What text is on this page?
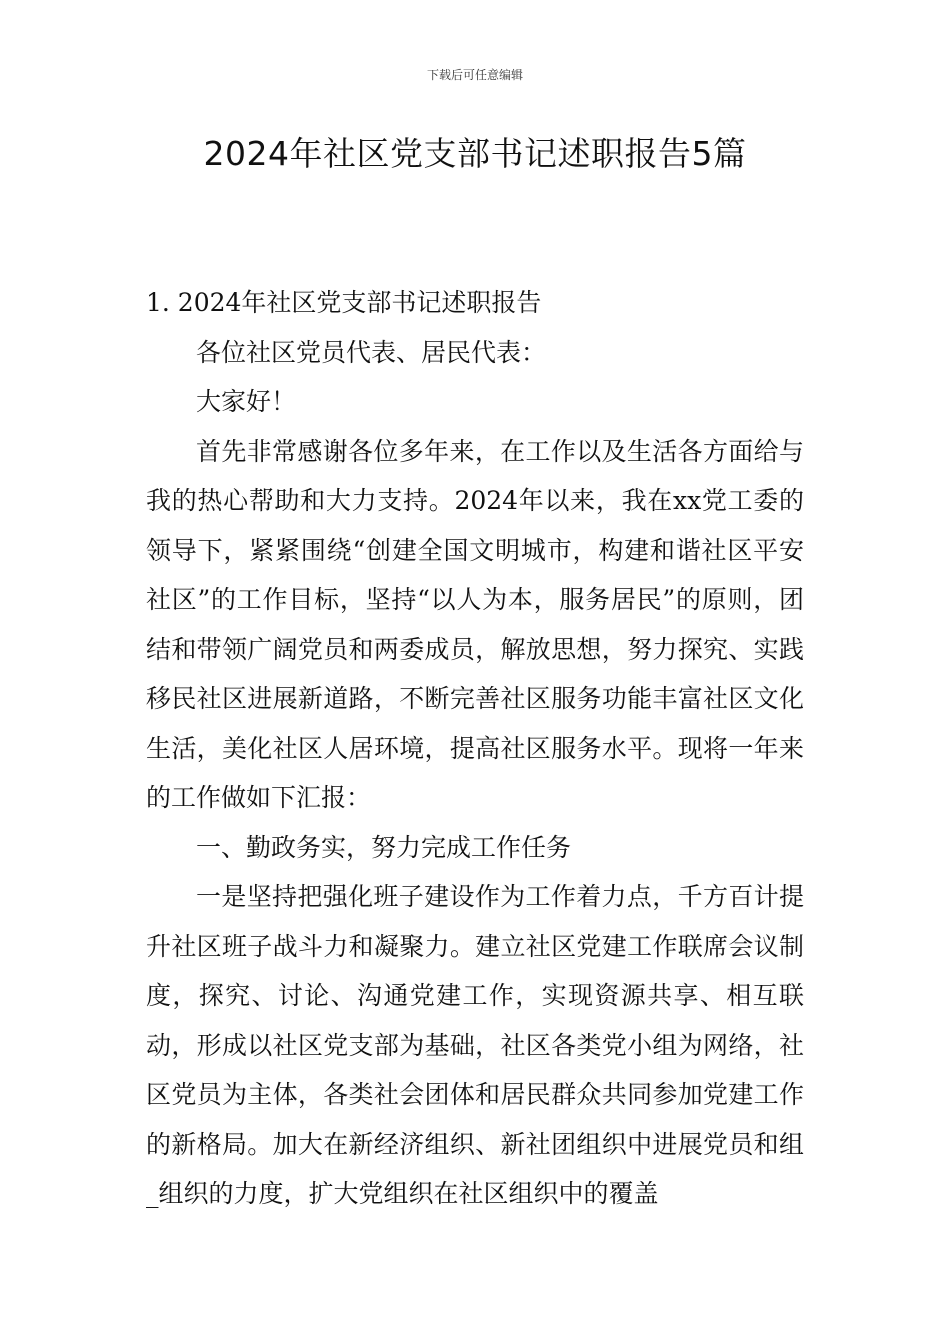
下载后可任意编辑
2024年社区党支部书记述职报告5篇

1. 2024年社区党支部书记述职报告

各位社区党员代表、居民代表：

大家好！

首先非常感谢各位多年来，在工作以及生活各方面给与我的热心帮助和大力支持。2024年以来，我在xx党工委的领导下，紧紧围绕“创建全国文明城市，构建和谐社区平安社区”的工作目标，坚持“以人为本，服务居民”的原则，团结和带领广阔党员和两委成员，解放思想，努力探究、实践移民社区进展新道路，不断完善社区服务功能丰富社区文化生活，美化社区人居环境，提高社区服务水平。现将一年来的工作做如下汇报：

一、勤政务实，努力完成工作任务

一是坚持把强化班子建设作为工作着力点，千方百计提升社区班子战斗力和凝聚力。建立社区党建工作联席会议制度，探究、讨论、沟通党建工作，实现资源共享、相互联动，形成以社区党支部为基础，社区各类党小组为网络，社区党员为主体，各类社会团体和居民群众共同参加党建工作的新格局。加大在新经济组织、新社团组织中进展党员和组_组织的力度，扩大党组织在社区组织中的覆盖
